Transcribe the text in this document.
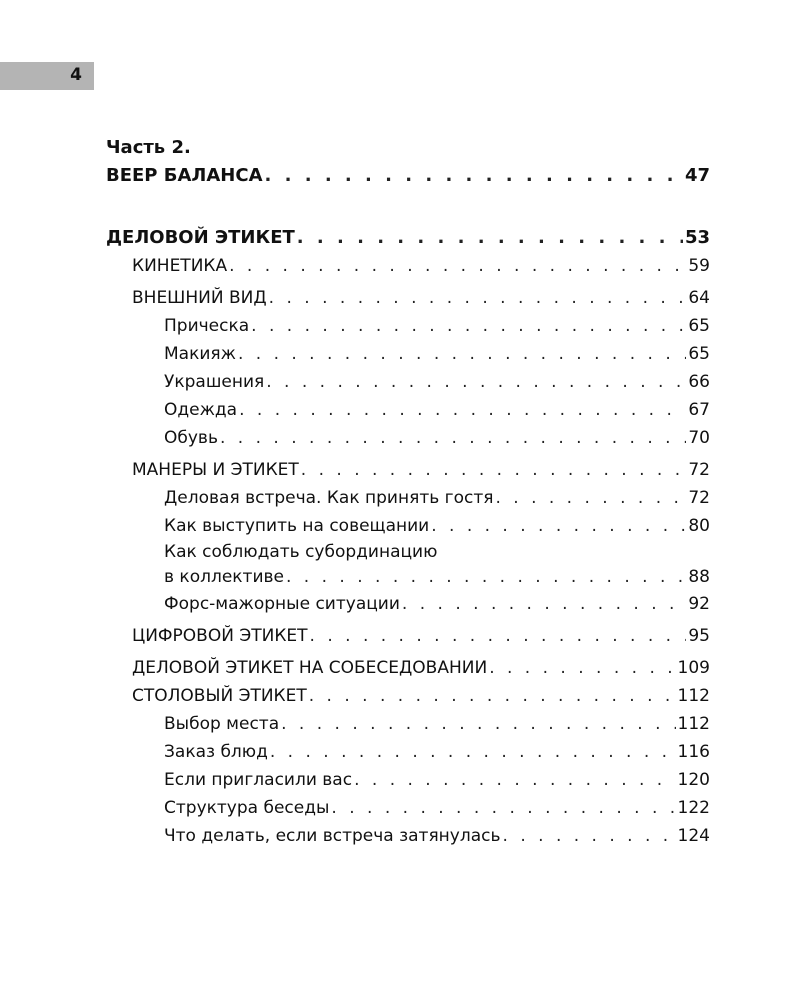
4
Часть 2.
ВЕЕР БАЛАНСА . . .	47
ДЕЛОВОЙ ЭТИКЕТ . . .	53
КИНЕТИКА . . .	59
ВНЕШНИЙ ВИД . . .	64
Прическа . . .	65
Макияж . . .	65
Украшения . . .	66
Одежда . . .	67
Обувь . . .	70
МАНЕРЫ И ЭТИКЕТ . . .	72
Деловая встреча. Как принять гостя . . .	72
Как выступить на совещании . . .	80
Как соблюдать субординацию
в коллективе . . .	88
Форс-мажорные ситуации . . .	92
ЦИФРОВОЙ ЭТИКЕТ . . .	95
ДЕЛОВОЙ ЭТИКЕТ НА СОБЕСЕДОВАНИИ . . .	109
СТОЛОВЫЙ ЭТИКЕТ . . .	112
Выбор места . . .	112
Заказ блюд . . .	116
Если пригласили вас . . .	120
Структура беседы . . .	122
Что делать, если встреча затянулась . . .	124
